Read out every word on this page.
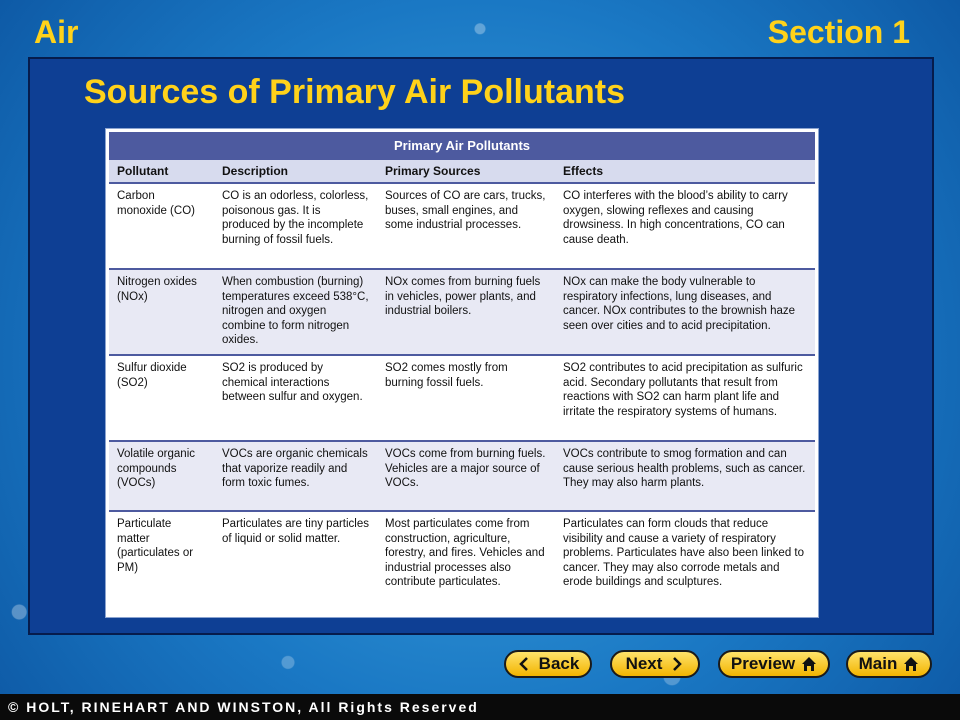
Air	Section 1
Sources of Primary Air Pollutants
Primary Air Pollutants
Pollutant	Description	Primary Sources	Effects
Carbon monoxide (CO)	CO is an odorless, colorless, poisonous gas. It is produced by the incomplete burning of fossil fuels.	Sources of CO are cars, trucks, buses, small engines, and some industrial processes.	CO interferes with the blood’s ability to carry oxygen, slowing reflexes and causing drowsiness. In high concentrations, CO can cause death.
Nitrogen oxides (NOx)	When combustion (burning) temperatures exceed 538°C, nitrogen and oxygen combine to form nitrogen oxides.	NOx comes from burning fuels in vehicles, power plants, and industrial boilers.	NOx can make the body vulnerable to respiratory infections, lung diseases, and cancer. NOx contributes to the brownish haze seen over cities and to acid precipitation.
Sulfur dioxide (SO2)	SO2 is produced by chemical interactions between sulfur and oxygen.	SO2 comes mostly from burning fossil fuels.	SO2 contributes to acid precipitation as sulfuric acid. Secondary pollutants that result from reactions with SO2 can harm plant life and irritate the respiratory systems of humans.
Volatile organic compounds (VOCs)	VOCs are organic chemicals that vaporize readily and form toxic fumes.	VOCs come from burning fuels. Vehicles are a major source of VOCs.	VOCs contribute to smog formation and can cause serious health problems, such as cancer. They may also harm plants.
Particulate matter (particulates or PM)	Particulates are tiny particles of liquid or solid matter.	Most particulates come from construction, agriculture, forestry, and fires. Vehicles and industrial processes also contribute particulates.	Particulates can form clouds that reduce visibility and cause a variety of respiratory problems. Particulates have also been linked to cancer. They may also corrode metals and erode buildings and sculptures.
Back	Next	Preview	Main
© HOLT, RINEHART AND WINSTON, All Rights Reserved
